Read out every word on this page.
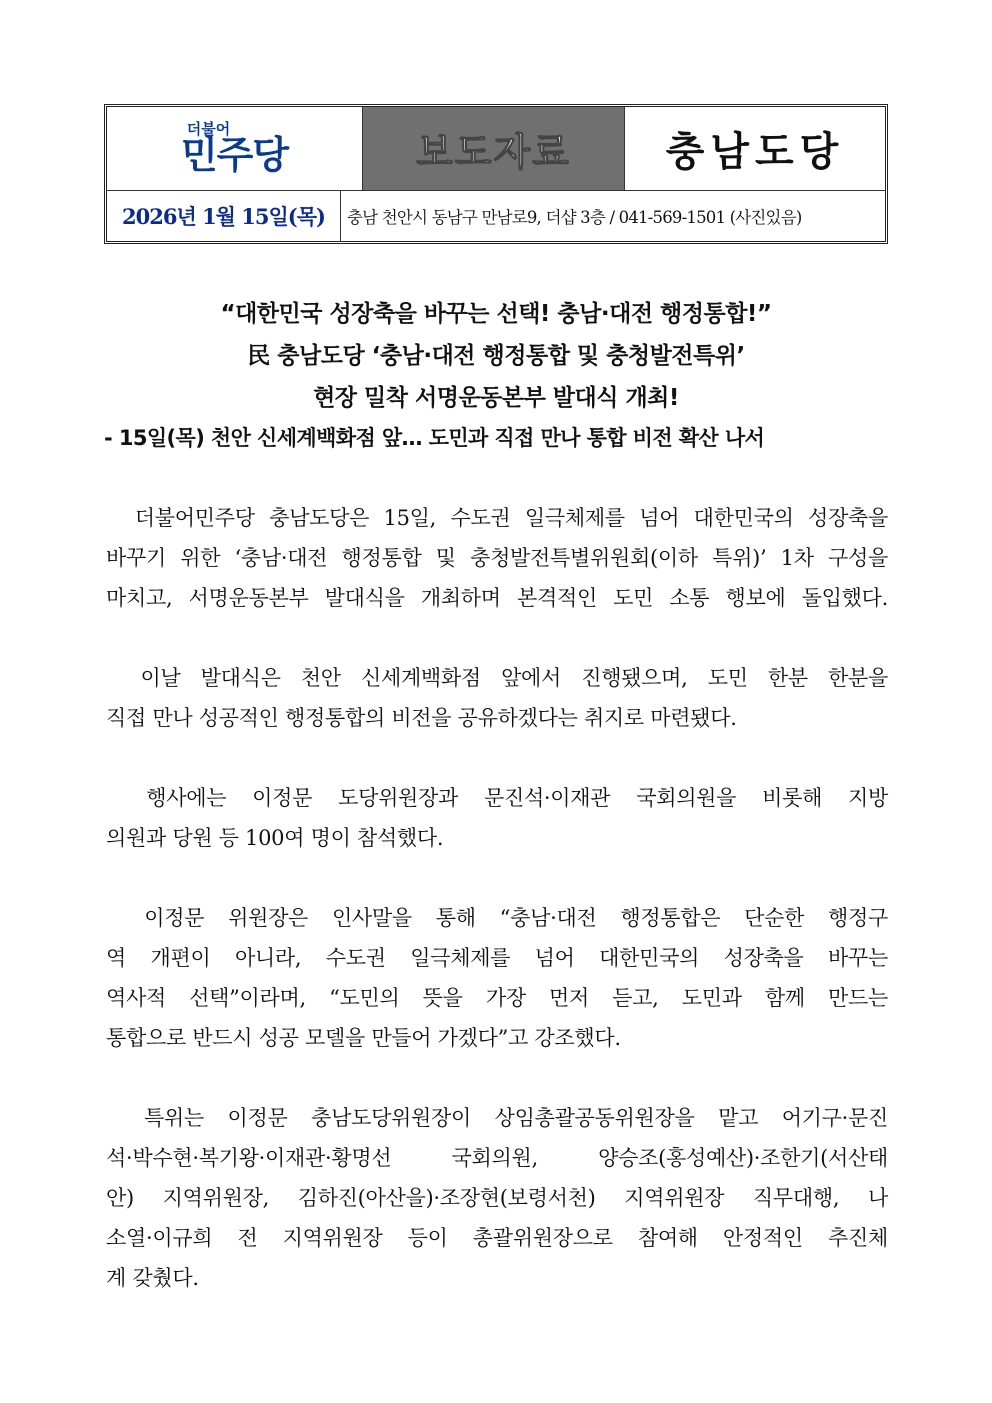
더불어
민주당	보도자료 충남도당
2026년 1월 15일(목) 충남 천안시 동남구 만남로9, 더샵 3층 / 041-569-1501 (사진있음)
“대한민국 성장축을 바꾸는 선택! 충남·대전 행정통합!”
民 충남도당 ‘충남·대전 행정통합 및 충청발전특위’
현장 밀착 서명운동본부 발대식 개최!
- 15일(목) 천안 신세계백화점 앞… 도민과 직접 만나 통합 비전 확산 나서
　더불어민주당 충남도당은 15일, 수도권 일극체제를 넘어 대한민국의 성장축을
바꾸기 위한 ‘충남·대전 행정통합 및 충청발전특별위원회(이하 특위)’ 1차 구성을
마치고, 서명운동본부 발대식을 개최하며 본격적인 도민 소통 행보에 돌입했다.
　이날 발대식은 천안 신세계백화점 앞에서 진행됐으며, 도민 한분 한분을
직접 만나 성공적인 행정통합의 비전을 공유하겠다는 취지로 마련됐다.
　행사에는 이정문 도당위원장과 문진석·이재관 국회의원을 비롯해 지방
의원과 당원 등 100여 명이 참석했다.
　이정문 위원장은 인사말을 통해 “충남·대전 행정통합은 단순한 행정구
역 개편이 아니라, 수도권 일극체제를 넘어 대한민국의 성장축을 바꾸는
역사적 선택”이라며, “도민의 뜻을 가장 먼저 듣고, 도민과 함께 만드는
통합으로 반드시 성공 모델을 만들어 가겠다”고 강조했다.
　특위는 이정문 충남도당위원장이 상임총괄공동위원장을 맡고 어기구·문진
석·박수현·복기왕·이재관·황명선 국회의원, 양승조(홍성예산)·조한기(서산태
안) 지역위원장, 김하진(아산을)·조장현(보령서천) 지역위원장 직무대행, 나
소열·이규희 전 지역위원장 등이 총괄위원장으로 참여해 안정적인 추진체
계 갖췄다.
